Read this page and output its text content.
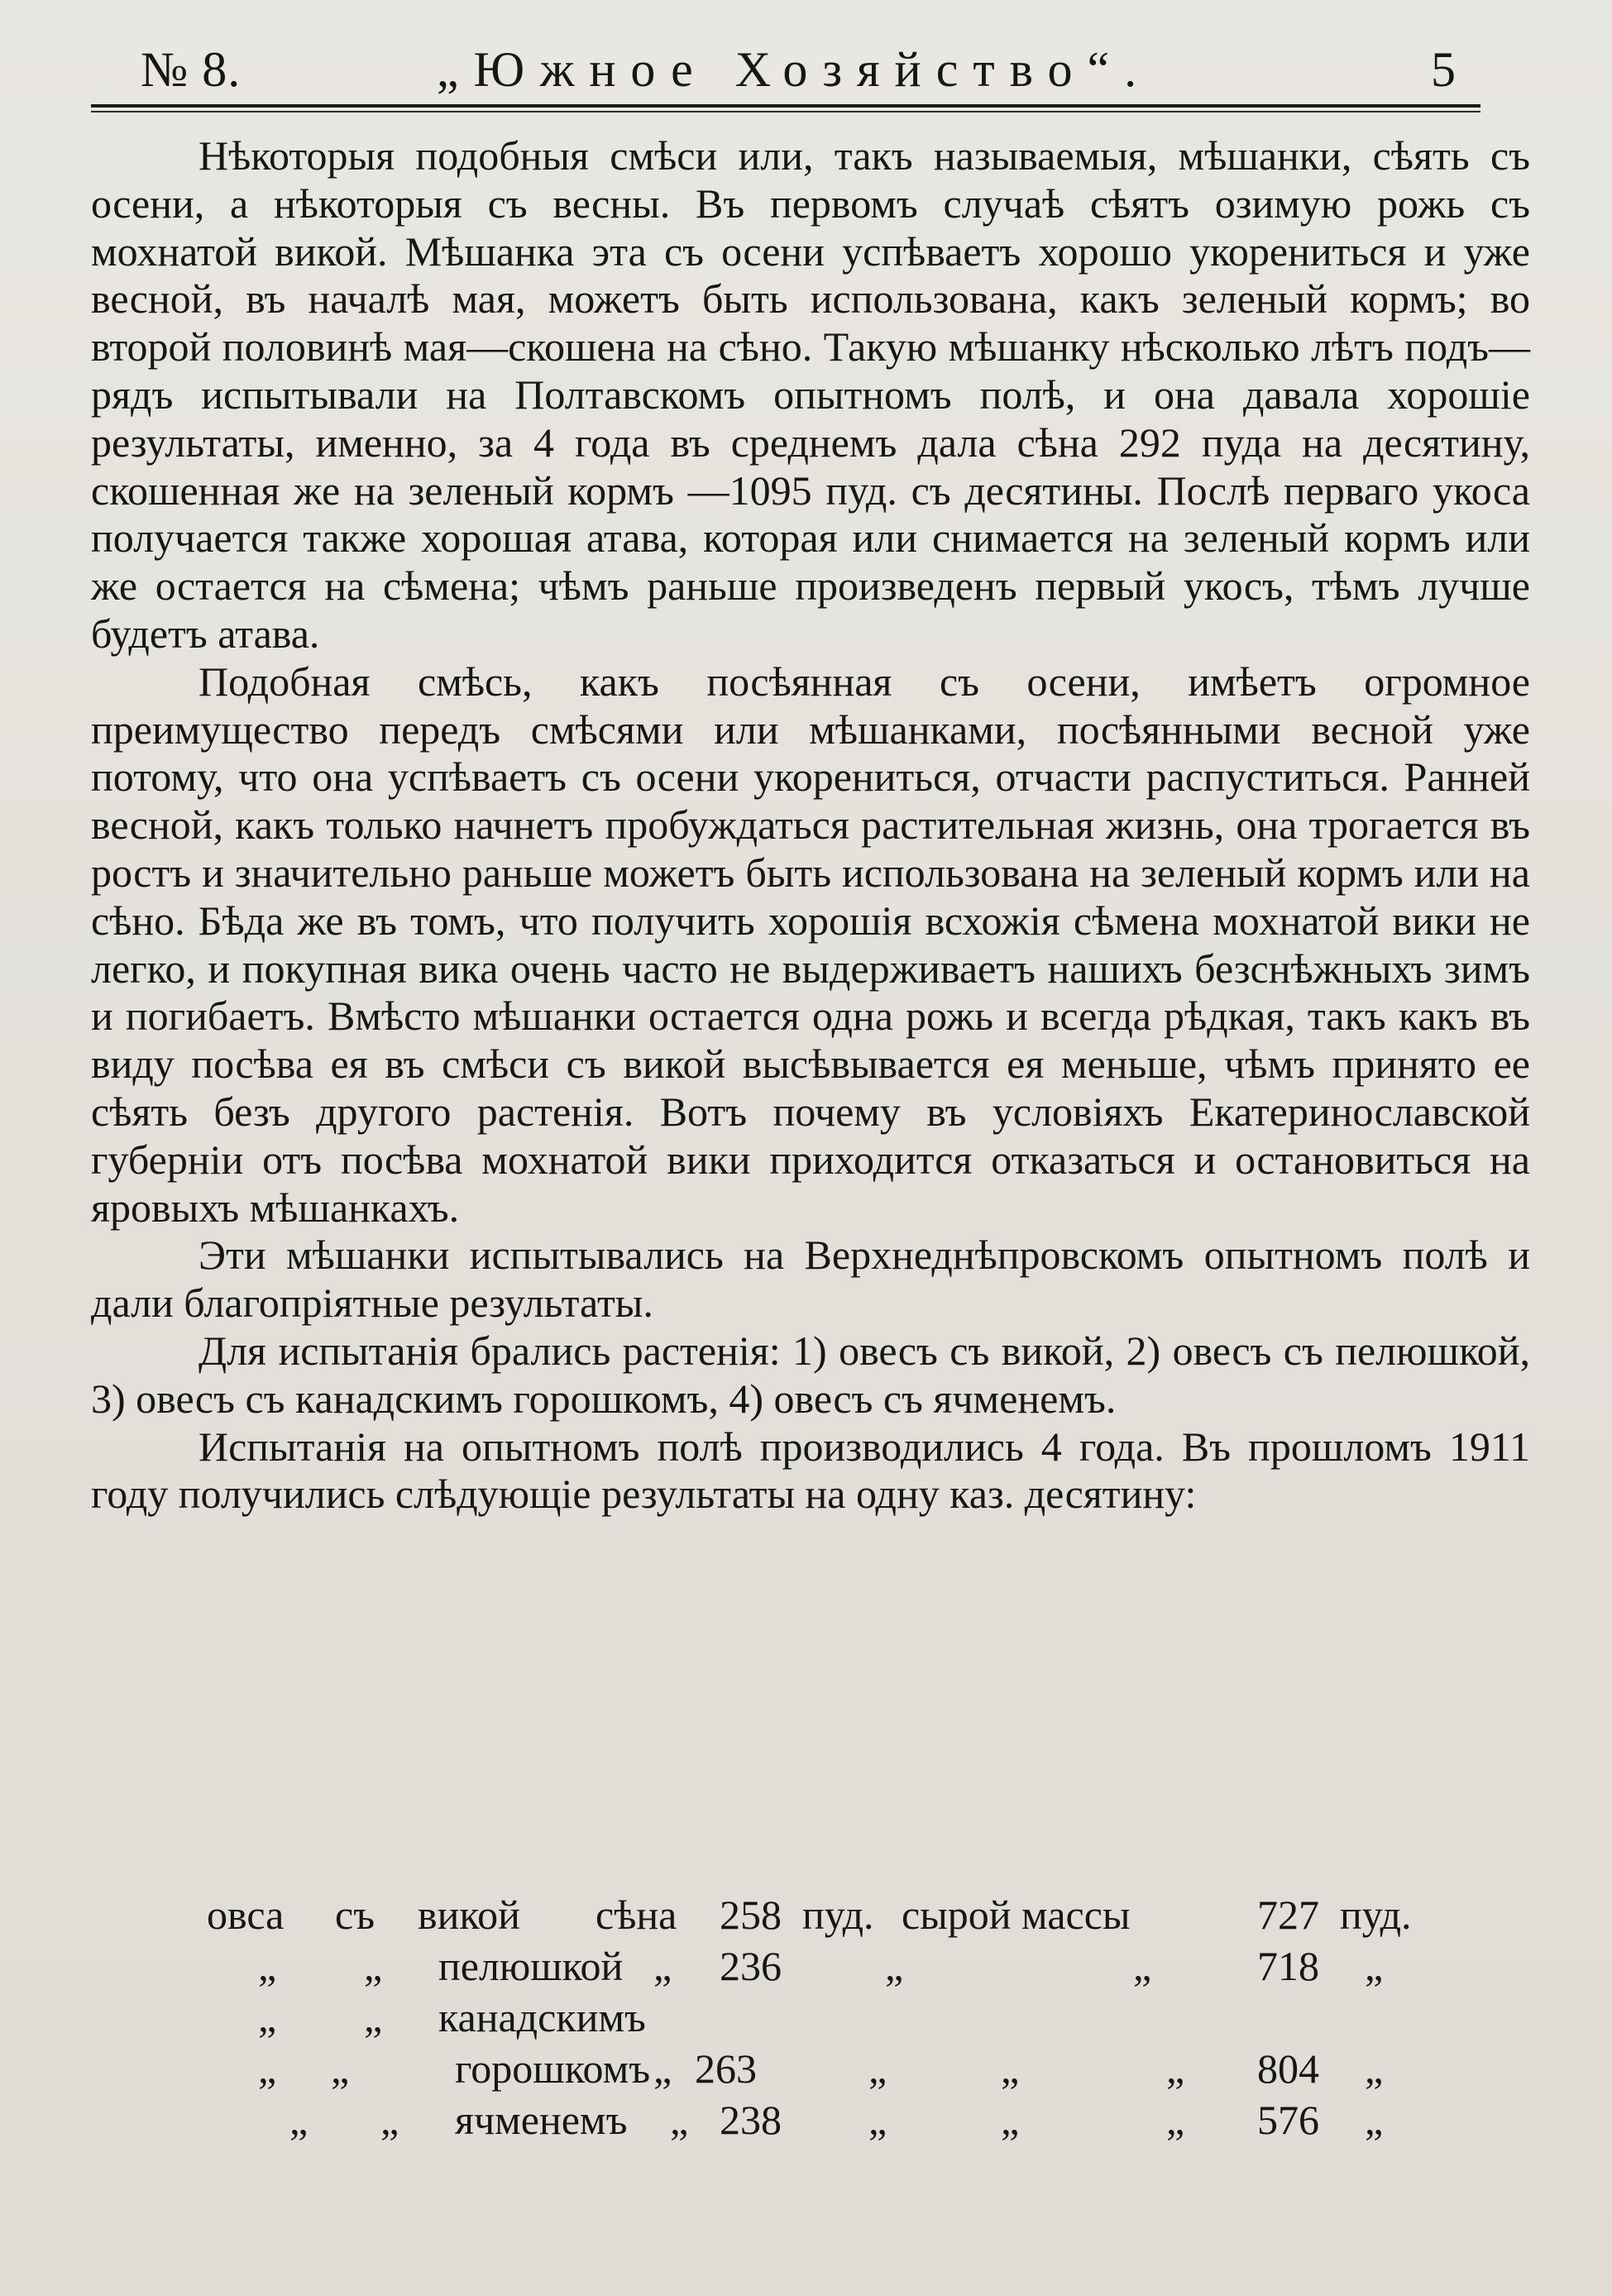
№ 8.	„Южное Хозяйство“.	5

Нѣкоторыя подобныя смѣси или, такъ называемыя, мѣшанки, сѣять съ осени, а нѣкоторыя съ весны. Въ первомъ случаѣ сѣятъ озимую рожь съ мохнатой викой. Мѣшанка эта съ осени успѣваетъ хорошо укорениться и уже весной, въ началѣ мая, можетъ быть использована, какъ зеленый кормъ; во второй половинѣ мая—скошена на сѣно. Такую мѣшанку нѣсколько лѣтъ подъ—рядъ испытывали на Полтавскомъ опытномъ полѣ, и она давала хорошіе результаты, именно, за 4 года въ среднемъ дала сѣна 292 пуда на десятину, скошенная же на зеленый кормъ —1095 пуд. съ десятины. Послѣ перваго укоса получается также хорошая атава, которая или снимается на зеленый кормъ или же остается на сѣмена; чѣмъ раньше произведенъ первый укосъ, тѣмъ лучше будетъ атава.

Подобная смѣсь, какъ посѣянная съ осени, имѣетъ огромное преимущество передъ смѣсями или мѣшанками, посѣянными весной уже потому, что она успѣваетъ съ осени укорениться, отчасти распуститься. Ранней весной, какъ только начнетъ пробуждаться растительная жизнь, она трогается въ ростъ и значительно раньше можетъ быть использована на зеленый кормъ или на сѣно. Бѣда же въ томъ, что получить хорошія всхожія сѣмена мохнатой вики не легко, и покупная вика очень часто не выдерживаетъ нашихъ безснѣжныхъ зимъ и погибаетъ. Вмѣсто мѣшанки остается одна рожь и всегда рѣдкая, такъ какъ въ виду посѣва ея въ смѣси съ викой высѣвывается ея меньше, чѣмъ принято ее сѣять безъ другого растенія. Вотъ почему въ условіяхъ Екатеринославской губерніи отъ посѣва мохнатой вики приходится отказаться и остановиться на яровыхъ мѣшанкахъ.

Эти мѣшанки испытывались на Верхнеднѣпровскомъ опытномъ полѣ и дали благопріятные результаты.

Для испытанія брались растенія: 1) овесъ съ викой, 2) овесъ съ пелюшкой, 3) овесъ съ канадскимъ горошкомъ, 4) овесъ съ ячменемъ.

Испытанія на опытномъ полѣ производились 4 года. Въ прошломъ 1911 году получились слѣдующіе результаты на одну каз. десятину:

овса съ викой сѣна 258 пуд. сырой массы	727 пуд.
„ „ пелюшкой „ 236	„	„	718 „
„ „ канадскимъ
„ „	горошкомъ „ 263	„	„	„ 804 „
„ „ ячменемъ „ 238 „	„	„ 576 „
